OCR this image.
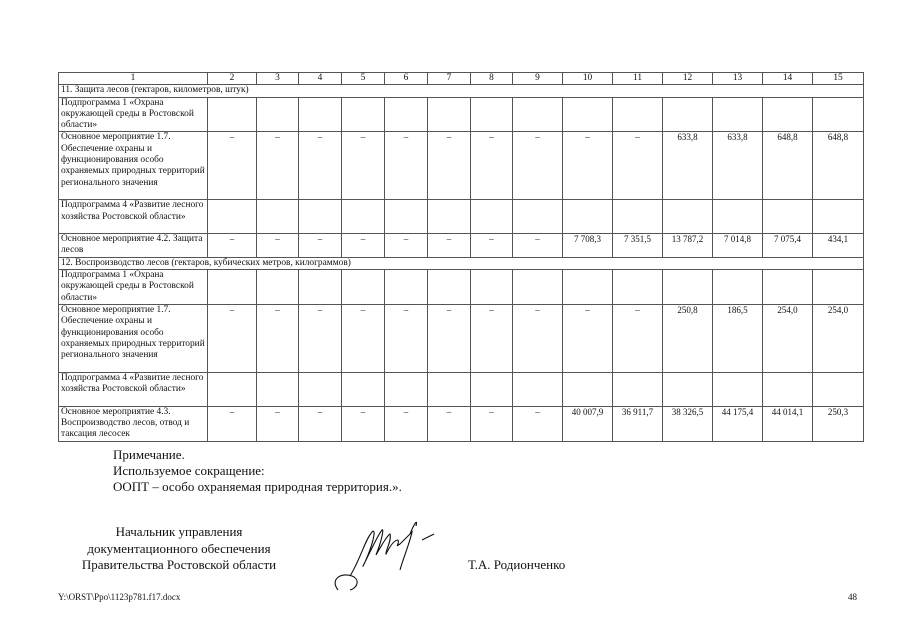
1	2	3	4	5	6	7	8	9	10	11	12	13	14	15
11. Защита лесов (гектаров, километров, штук)														
Подпрограмма 1 «Охрана окружающей среды в Ростовской области»														
Основное мероприятие 1.7. Обеспечение охраны и функционирования особо охраняемых природных территорий регионального значения	–	–	–	–	–	–	–	–	–	–	633,8	633,8	648,8	648,8
Подпрограмма 4 «Развитие лесного хозяйства Ростовской области»														
Основное мероприятие 4.2. Защита лесов	–	–	–	–	–	–	–	–	7 708,3	7 351,5	13 787,2	7 014,8	7 075,4	434,1
12. Воспроизводство лесов (гектаров, кубических метров, килограммов)														
Подпрограмма 1 «Охрана окружающей среды в Ростовской области»														
Основное мероприятие 1.7. Обеспечение охраны и функционирования особо охраняемых природных территорий регионального значения	–	–	–	–	–	–	–	–	–	–	250,8	186,5	254,0	254,0
Подпрограмма 4 «Развитие лесного хозяйства Ростовской области»														
Основное мероприятие 4.3. Воспроизводство лесов, отвод и таксация лесосек	–	–	–	–	–	–	–	–	40 007,9	36 911,7	38 326,5	44 175,4	44 014,1	250,3
Примечание.
Используемое сокращение:
ООПТ – особо охраняемая природная территория.».
Начальник управления
документационного обеспечения
Правительства Ростовской области	Т.А. Родионченко
Y:\ORST\Ppo\1123p781.f17.docx	48
